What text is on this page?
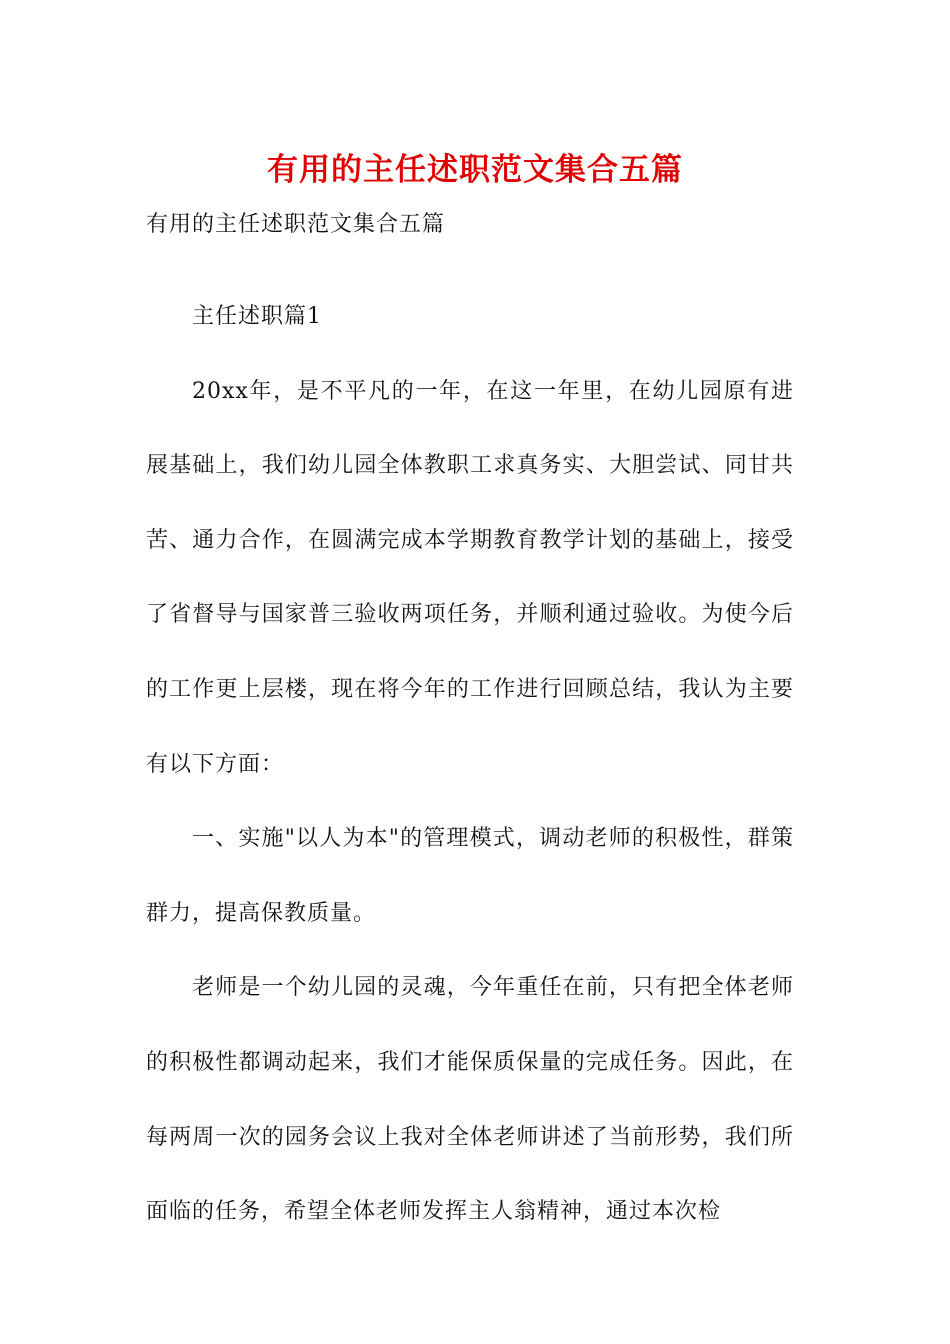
有用的主任述职范文集合五篇
有用的主任述职范文集合五篇

主任述职篇1

20xx年，是不平凡的一年，在这一年里，在幼儿园原有进展基础上，我们幼儿园全体教职工求真务实、大胆尝试、同甘共苦、通力合作，在圆满完成本学期教育教学计划的基础上，接受了省督导与国家普三验收两项任务，并顺利通过验收。为使今后的工作更上层楼，现在将今年的工作进行回顾总结，我认为主要有以下方面：

一、实施"以人为本"的管理模式，调动老师的积极性，群策群力，提高保教质量。

老师是一个幼儿园的灵魂，今年重任在前，只有把全体老师的积极性都调动起来，我们才能保质保量的完成任务。因此，在每两周一次的园务会议上我对全体老师讲述了当前形势，我们所面临的任务，希望全体老师发挥主人翁精神，通过本次检
